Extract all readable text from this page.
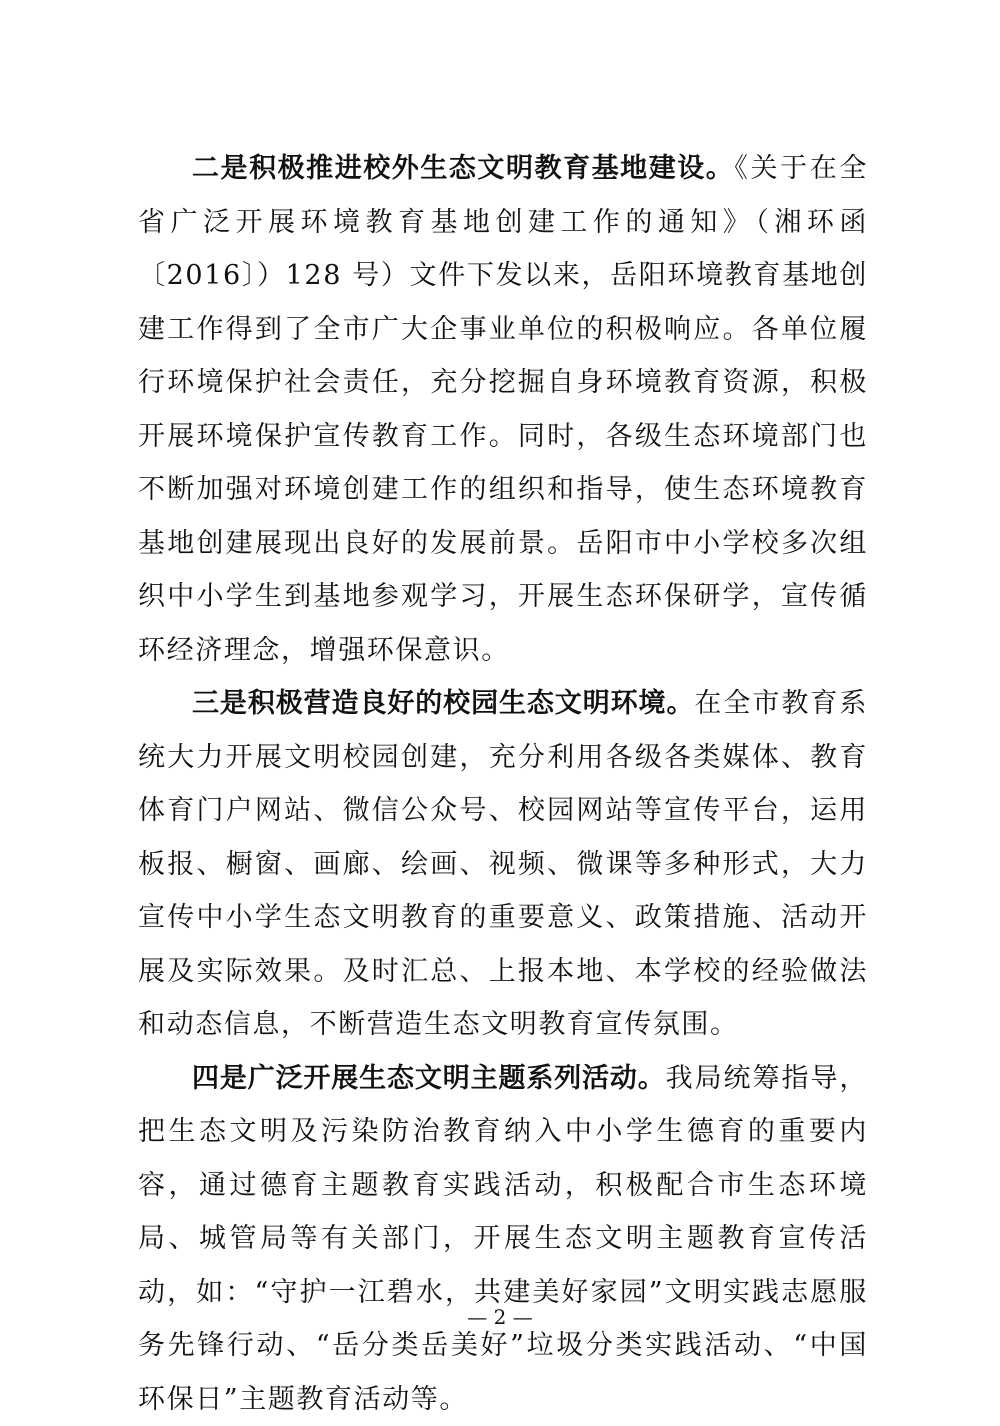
二是积极推进校外生态文明教育基地建设。《关于在全省广泛开展环境教育基地创建工作的通知》（湘环函〔2016〕）128 号）文件下发以来，岳阳环境教育基地创建工作得到了全市广大企事业单位的积极响应。各单位履行环境保护社会责任，充分挖掘自身环境教育资源，积极开展环境保护宣传教育工作。同时，各级生态环境部门也不断加强对环境创建工作的组织和指导，使生态环境教育基地创建展现出良好的发展前景。岳阳市中小学校多次组织中小学生到基地参观学习，开展生态环保研学，宣传循环经济理念，增强环保意识。

三是积极营造良好的校园生态文明环境。在全市教育系统大力开展文明校园创建，充分利用各级各类媒体、教育体育门户网站、微信公众号、校园网站等宣传平台，运用板报、橱窗、画廊、绘画、视频、微课等多种形式，大力宣传中小学生态文明教育的重要意义、政策措施、活动开展及实际效果。及时汇总、上报本地、本学校的经验做法和动态信息，不断营造生态文明教育宣传氛围。

四是广泛开展生态文明主题系列活动。我局统筹指导，把生态文明及污染防治教育纳入中小学生德育的重要内容，通过德育主题教育实践活动，积极配合市生态环境局、城管局等有关部门，开展生态文明主题教育宣传活动，如：“守护一江碧水，共建美好家园”文明实践志愿服务先锋行动、“岳分类岳美好”垃圾分类实践活动、“中国环保日”主题教育活动等。

— 2 —
